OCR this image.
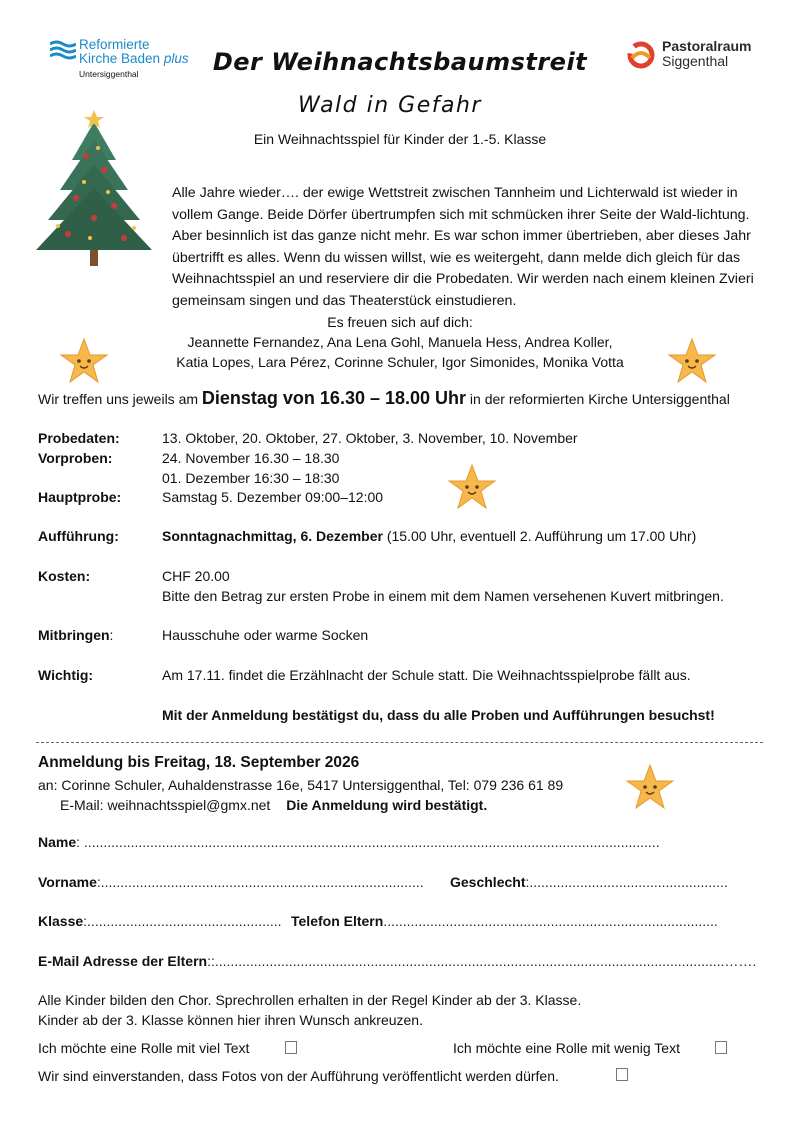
Reformierte
Kirche Baden plus
Untersiggenthal
Pastoralraum
Siggenthal
Der Weihnachtsbaumstreit
Wald in Gefahr
Ein Weihnachtsspiel für Kinder der 1.-5. Klasse
Alle Jahre wieder…. der ewige Wettstreit zwischen Tannheim und Lichterwald ist wieder in vollem Gange. Beide Dörfer übertrumpfen sich mit schmücken ihrer Seite der Wald-lichtung. Aber besinnlich ist das ganze nicht mehr. Es war schon immer übertrieben, aber dieses Jahr übertrifft es alles. Wenn du wissen willst, wie es weitergeht, dann melde dich gleich für das Weihnachtsspiel an und reserviere dir die Probedaten. Wir werden nach einem kleinen Zvieri gemeinsam singen und das Theaterstück einstudieren.
Es freuen sich auf dich:
Jeannette Fernandez, Ana Lena Gohl, Manuela Hess, Andrea Koller,
Katia Lopes, Lara Pérez, Corinne Schuler, Igor Simonides, Monika Votta
Wir treffen uns jeweils am Dienstag von 16.30 – 18.00 Uhr in der reformierten Kirche Untersiggenthal
Probedaten:	13. Oktober, 20. Oktober, 27. Oktober, 3. November, 10. November
Vorproben:	24. November 16.30 – 18.30
01. Dezember 16:30 – 18:30
Hauptprobe:	Samstag 5. Dezember 09:00–12:00
Aufführung:	Sonntagnachmittag, 6. Dezember (15.00 Uhr, eventuell 2. Aufführung um 17.00 Uhr)
Kosten:	CHF 20.00
Bitte den Betrag zur ersten Probe in einem mit dem Namen versehenen Kuvert mitbringen.
Mitbringen:	Hausschuhe oder warme Socken
Wichtig:	Am 17.11. findet die Erzählnacht der Schule statt. Die Weihnachtsspielprobe fällt aus.
Mit der Anmeldung bestätigst du, dass du alle Proben und Aufführungen besuchst!
Anmeldung bis Freitag, 18. September 2026
an: Corinne Schuler, Auhaldenstrasse 16e, 5417 Untersiggenthal, Tel: 079 236 61 89
E-Mail: weihnachtsspiel@gmx.net Die Anmeldung wird bestätigt.
Name: ....................................................................................................................................................
Vorname:...................................................................................	Geschlecht:...................................................
Klasse:.................................................. Telefon Eltern......................................................................................
E-Mail Adresse der Eltern::...................................................................................................................................…….
Alle Kinder bilden den Chor. Sprechrollen erhalten in der Regel Kinder ab der 3. Klasse.
Kinder ab der 3. Klasse können hier ihren Wunsch ankreuzen.
Ich möchte eine Rolle mit viel Text	Ich möchte eine Rolle mit wenig Text
Wir sind einverstanden, dass Fotos von der Aufführung veröffentlicht werden dürfen.
